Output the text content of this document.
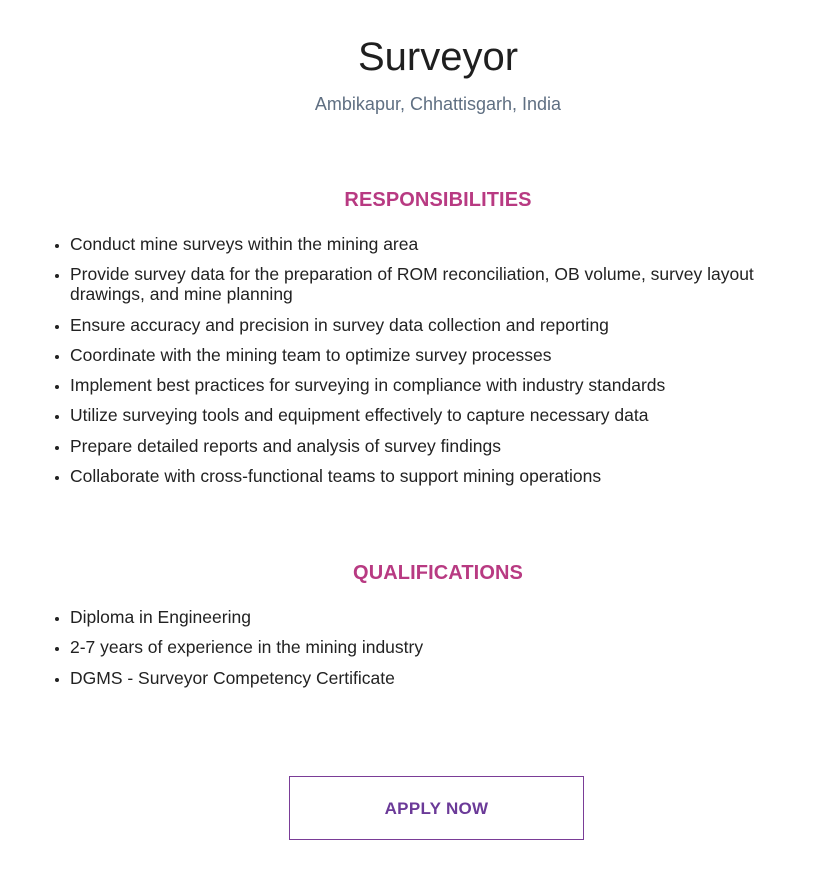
Surveyor
Ambikapur, Chhattisgarh, India
RESPONSIBILITIES
• Conduct mine surveys within the mining area
• Provide survey data for the preparation of ROM reconciliation, OB volume, survey layout drawings, and mine planning
• Ensure accuracy and precision in survey data collection and reporting
• Coordinate with the mining team to optimize survey processes
• Implement best practices for surveying in compliance with industry standards
• Utilize surveying tools and equipment effectively to capture necessary data
• Prepare detailed reports and analysis of survey findings
• Collaborate with cross-functional teams to support mining operations
QUALIFICATIONS
• Diploma in Engineering
• 2-7 years of experience in the mining industry
• DGMS - Surveyor Competency Certificate
APPLY NOW
